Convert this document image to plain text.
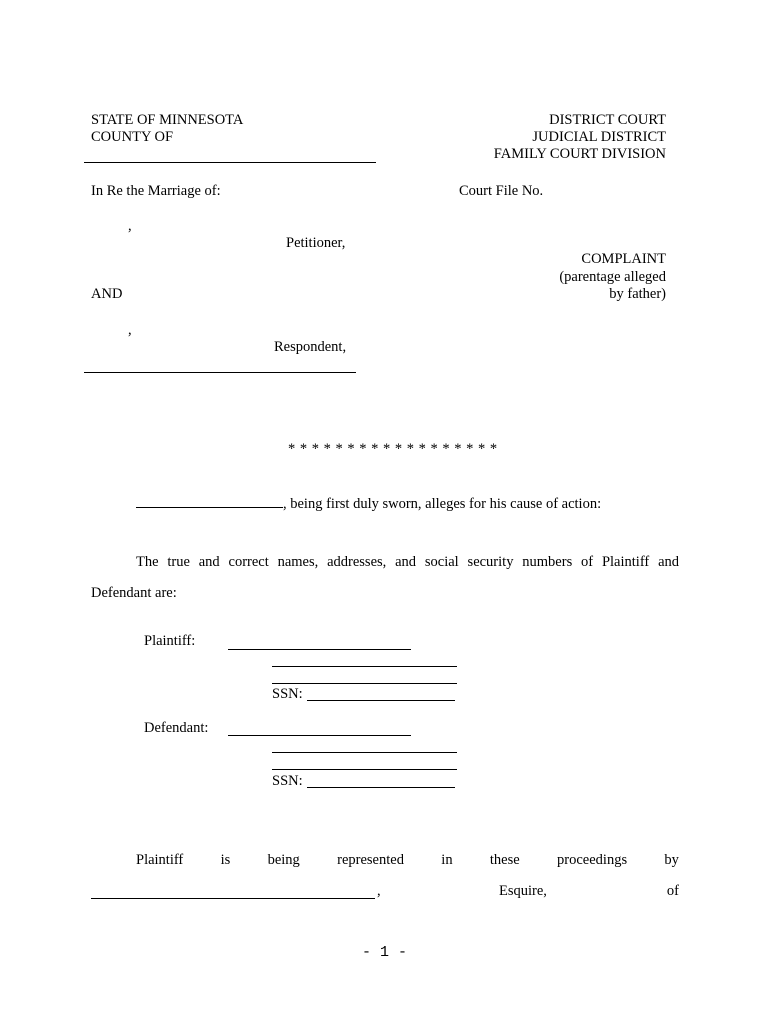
STATE OF MINNESOTA
COUNTY OF
DISTRICT COURT
JUDICIAL DISTRICT
FAMILY COURT DIVISION
In Re the Marriage of:	Court File No.
,
Petitioner,
COMPLAINT
(parentage alleged
by father)
AND
,
Respondent,
* * * * * * * * * * * * * * * * * *
, being first duly sworn, alleges for his cause of action:
The true and correct names, addresses, and social security numbers of Plaintiff and
Defendant are:
Plaintiff:
SSN:
Defendant:
SSN:
Plaintiff	is	being	represented	in	these	proceedings	by
,	Esquire,	of
- 1 -
